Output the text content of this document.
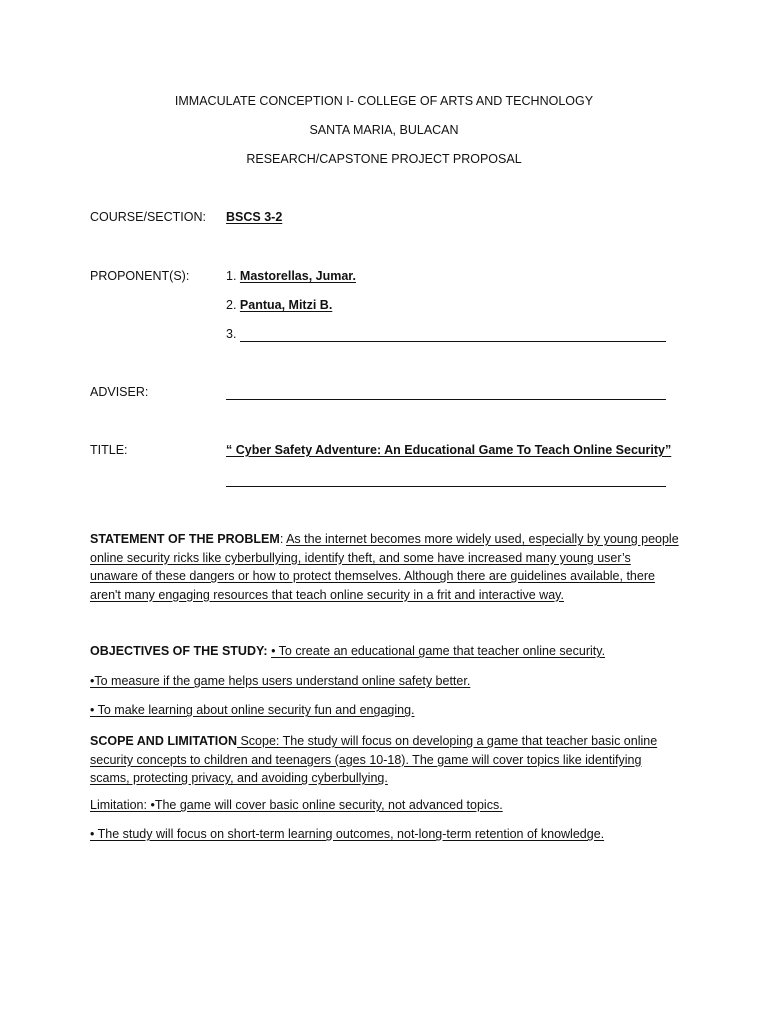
IMMACULATE CONCEPTION I- COLLEGE OF ARTS AND TECHNOLOGY
SANTA MARIA, BULACAN
RESEARCH/CAPSTONE PROJECT PROPOSAL
COURSE/SECTION: BSCS 3-2
PROPONENT(S):	1. Mastorellas, Jumar.
2. Pantua, Mitzi B.
3.
ADVISER:
TITLE:	“ Cyber Safety Adventure: An Educational Game To Teach Online Security”
STATEMENT OF THE PROBLEM: As the internet becomes more widely used, especially by young people online security ricks like cyberbullying, identify theft, and some have increased many young user’s unaware of these dangers or how to protect themselves. Although there are guidelines available, there aren't many engaging resources that teach online security in a frit and interactive way.
OBJECTIVES OF THE STUDY: • To create an educational game that teacher online security.
•To measure if the game helps users understand online safety better.
• To make learning about online security fun and engaging.
SCOPE AND LIMITATION Scope: The study will focus on developing a game that teacher basic online security concepts to children and teenagers (ages 10-18). The game will cover topics like identifying scams, protecting privacy, and avoiding cyberbullying.
Limitation: •The game will cover basic online security, not advanced topics.
• The study will focus on short-term learning outcomes, not-long-term retention of knowledge.
